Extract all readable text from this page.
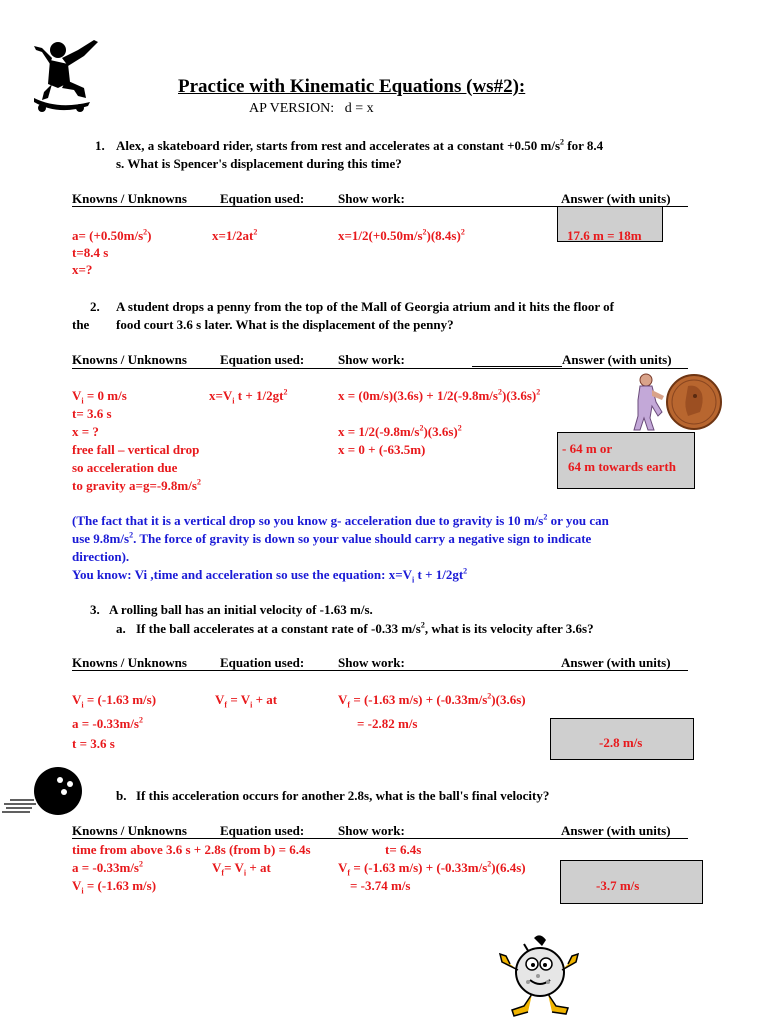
Practice with Kinematic Equations (ws#2):
AP VERSION: d = x
1. Alex, a skateboard rider, starts from rest and accelerates at a constant +0.50 $m/s^2$ for 8.4
s. What is Spencer's displacement during this time?
Knowns / Unknowns	Equation used:	Show work:	Answer (with units)
$a= (+0.50m/s^2)$
t=8.4 s
x=?
$x=1/2at^2$	$x=1/2(+0.50m/s^2)(8.4s)^2$	17.6 m = 18m
2. A student drops a penny from the top of the Mall of Georgia atrium and it hits the floor of
the food court 3.6 s later. What is the displacement of the penny?
Knowns / Unknowns	Equation used:	Show work:	Answer (with units)
$V_i = 0$ m/s
t= 3.6 s
x = ?
free fall – vertical drop
so acceleration due
to gravity $a=g=-9.8m/s^2$
$x=V_i$ $t + 1/2gt^2$	$x = (0m/s)(3.6s) + 1/2(-9.8m/s^2)(3.6s)^2$
$x = 1/2(-9.8m/s^2)(3.6s)^2$
x = 0 + (-63.5m)	- 64 m or
64 m towards earth
(The fact that it is a vertical drop so you know g- acceleration due to gravity is 10 $m/s^2$ or you can
use $9.8m/s^2$. The force of gravity is down so your value should carry a negative sign to indicate
direction).
You know: Vi ,time and acceleration so use the equation: $x=V_i$ $t + 1/2gt^2$
3. A rolling ball has an initial velocity of -1.63 m/s.
a. If the ball accelerates at a constant rate of -0.33 $m/s^2$, what is its velocity after 3.6s?
Knowns / Unknowns	Equation used:	Show work:	Answer (with units)
$V_i = (-1.63$ m/s)
$a = -0.33m/s^2$
t = 3.6 s
$V_f = V_i$ + at	$V_f = (-1.63$ $m/s) + (-0.33m/s^2)(3.6s)$
= -2.82 m/s
-2.8 m/s
b. If this acceleration occurs for another 2.8s, what is the ball's final velocity?
Knowns / Unknowns	Equation used:	Show work:	Answer (with units)
time from above 3.6 s + 2.8s (from b) = 6.4s	t= 6.4s
$a = -0.33m/s^2$
$V_i = (-1.63$ m/s)
$V_f= V_i$ + at	$V_f = (-1.63$ $m/s) + (-0.33m/s^2)(6.4s)$
= -3.74 m/s	-3.7 m/s
